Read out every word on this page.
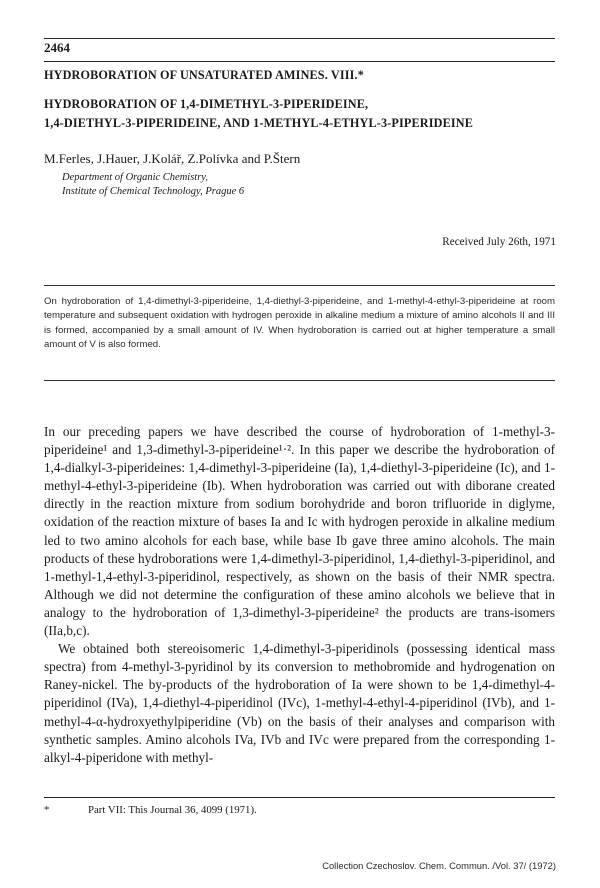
2464
HYDROBORATION OF UNSATURATED AMINES. VIII.*
HYDROBORATION OF 1,4-DIMETHYL-3-PIPERIDEINE,
1,4-DIETHYL-3-PIPERIDEINE, AND 1-METHYL-4-ETHYL-3-PIPERIDEINE
M.Ferles, J.Hauer, J.Kolář, Z.Polívka and P.Štern
Department of Organic Chemistry,
Institute of Chemical Technology, Prague 6
Received July 26th, 1971
On hydroboration of 1,4-dimethyl-3-piperideine, 1,4-diethyl-3-piperideine, and 1-methyl-4-ethyl-3-piperideine at room temperature and subsequent oxidation with hydrogen peroxide in alkaline medium a mixture of amino alcohols II and III is formed, accompanied by a small amount of IV. When hydroboration is carried out at higher temperature a small amount of V is also formed.

In our preceding papers we have described the course of hydroboration of 1-methyl-3-piperideine¹ and 1,3-dimethyl-3-piperideine¹·². In this paper we describe the hydroboration of 1,4-dialkyl-3-piperideines: 1,4-dimethyl-3-piperideine (Ia), 1,4-diethyl-3-piperideine (Ic), and 1-methyl-4-ethyl-3-piperideine (Ib). When hydroboration was carried out with diborane created directly in the reaction mixture from sodium borohydride and boron trifluoride in diglyme, oxidation of the reaction mixture of bases Ia and Ic with hydrogen peroxide in alkaline medium led to two amino alcohols for each base, while base Ib gave three amino alcohols. The main products of these hydroborations were 1,4-dimethyl-3-piperidinol, 1,4-diethyl-3-piperidinol, and 1-methyl-1,4-ethyl-3-piperidinol, respectively, as shown on the basis of their NMR spectra. Although we did not determine the configuration of these amino alcohols we believe that in analogy to the hydroboration of 1,3-dimethyl-3-piperideine² the products are trans-isomers (IIa,b,c).

We obtained both stereoisomeric 1,4-dimethyl-3-piperidinols (possessing identical mass spectra) from 4-methyl-3-pyridinol by its conversion to methobromide and hydrogenation on Raney-nickel. The by-products of the hydroboration of Ia were shown to be 1,4-dimethyl-4-piperidinol (IVa), 1,4-diethyl-4-piperidinol (IVc), 1-methyl-4-ethyl-4-piperidinol (IVb), and 1-methyl-4-α-hydroxyethylpiperidine (Vb) on the basis of their analyses and comparison with synthetic samples. Amino alcohols IVa, IVb and IVc were prepared from the corresponding 1-alkyl-4-piperidone with methyl-

*	Part VII: This Journal 36, 4099 (1971).
Collection Czechoslov. Chem. Commun. /Vol. 37/ (1972)
